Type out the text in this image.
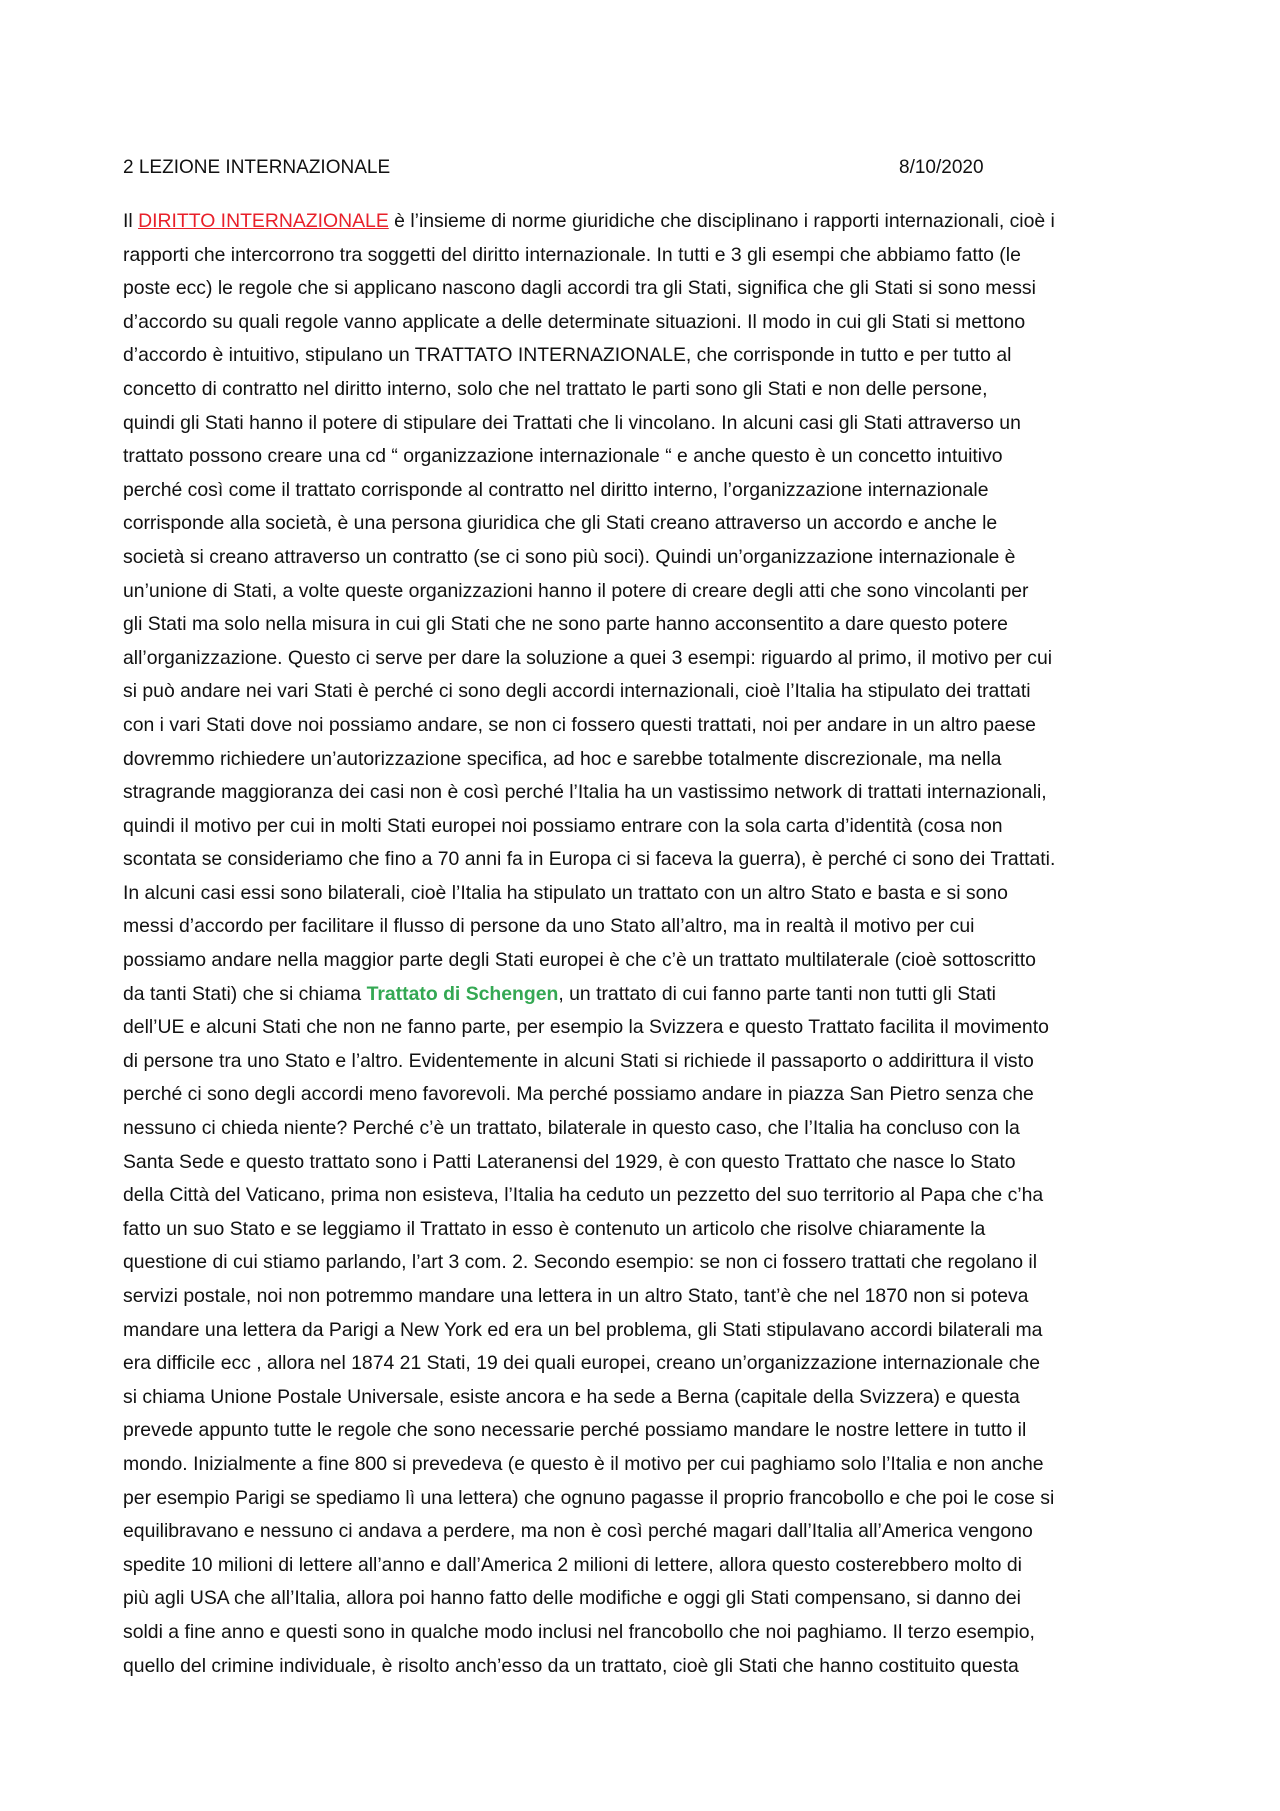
2 LEZIONE INTERNAZIONALE	8/10/2020
Il DIRITTO INTERNAZIONALE è l’insieme di norme giuridiche che disciplinano i rapporti internazionali, cioè i
rapporti che intercorrono tra soggetti del diritto internazionale. In tutti e 3 gli esempi che abbiamo fatto (le
poste ecc) le regole che si applicano nascono dagli accordi tra gli Stati, significa che gli Stati si sono messi
d’accordo su quali regole vanno applicate a delle determinate situazioni. Il modo in cui gli Stati si mettono
d’accordo è intuitivo, stipulano un TRATTATO INTERNAZIONALE, che corrisponde in tutto e per tutto al
concetto di contratto nel diritto interno, solo che nel trattato le parti sono gli Stati e non delle persone,
quindi gli Stati hanno il potere di stipulare dei Trattati che li vincolano. In alcuni casi gli Stati attraverso un
trattato possono creare una cd “ organizzazione internazionale “ e anche questo è un concetto intuitivo
perché così come il trattato corrisponde al contratto nel diritto interno, l’organizzazione internazionale
corrisponde alla società, è una persona giuridica che gli Stati creano attraverso un accordo e anche le
società si creano attraverso un contratto (se ci sono più soci). Quindi un’organizzazione internazionale è
un’unione di Stati, a volte queste organizzazioni hanno il potere di creare degli atti che sono vincolanti per
gli Stati ma solo nella misura in cui gli Stati che ne sono parte hanno acconsentito a dare questo potere
all’organizzazione. Questo ci serve per dare la soluzione a quei 3 esempi: riguardo al primo, il motivo per cui
si può andare nei vari Stati è perché ci sono degli accordi internazionali, cioè l’Italia ha stipulato dei trattati
con i vari Stati dove noi possiamo andare, se non ci fossero questi trattati, noi per andare in un altro paese
dovremmo richiedere un’autorizzazione specifica, ad hoc e sarebbe totalmente discrezionale, ma nella
stragrande maggioranza dei casi non è così perché l’Italia ha un vastissimo network di trattati internazionali,
quindi il motivo per cui in molti Stati europei noi possiamo entrare con la sola carta d’identità (cosa non
scontata se consideriamo che fino a 70 anni fa in Europa ci si faceva la guerra), è perché ci sono dei Trattati.
In alcuni casi essi sono bilaterali, cioè l’Italia ha stipulato un trattato con un altro Stato e basta e si sono
messi d’accordo per facilitare il flusso di persone da uno Stato all’altro, ma in realtà il motivo per cui
possiamo andare nella maggior parte degli Stati europei è che c’è un trattato multilaterale (cioè sottoscritto
da tanti Stati) che si chiama Trattato di Schengen, un trattato di cui fanno parte tanti non tutti gli Stati
dell’UE e alcuni Stati che non ne fanno parte, per esempio la Svizzera e questo Trattato facilita il movimento
di persone tra uno Stato e l’altro. Evidentemente in alcuni Stati si richiede il passaporto o addirittura il visto
perché ci sono degli accordi meno favorevoli. Ma perché possiamo andare in piazza San Pietro senza che
nessuno ci chieda niente? Perché c’è un trattato, bilaterale in questo caso, che l’Italia ha concluso con la
Santa Sede e questo trattato sono i Patti Lateranensi del 1929, è con questo Trattato che nasce lo Stato
della Città del Vaticano, prima non esisteva, l’Italia ha ceduto un pezzetto del suo territorio al Papa che c’ha
fatto un suo Stato e se leggiamo il Trattato in esso è contenuto un articolo che risolve chiaramente la
questione di cui stiamo parlando, l’art 3 com. 2. Secondo esempio: se non ci fossero trattati che regolano il
servizi postale, noi non potremmo mandare una lettera in un altro Stato, tant’è che nel 1870 non si poteva
mandare una lettera da Parigi a New York ed era un bel problema, gli Stati stipulavano accordi bilaterali ma
era difficile ecc , allora nel 1874 21 Stati, 19 dei quali europei, creano un’organizzazione internazionale che
si chiama Unione Postale Universale, esiste ancora e ha sede a Berna (capitale della Svizzera) e questa
prevede appunto tutte le regole che sono necessarie perché possiamo mandare le nostre lettere in tutto il
mondo. Inizialmente a fine 800 si prevedeva (e questo è il motivo per cui paghiamo solo l’Italia e non anche
per esempio Parigi se spediamo lì una lettera) che ognuno pagasse il proprio francobollo e che poi le cose si
equilibravano e nessuno ci andava a perdere, ma non è così perché magari dall’Italia all’America vengono
spedite 10 milioni di lettere all’anno e dall’America 2 milioni di lettere, allora questo costerebbero molto di
più agli USA che all’Italia, allora poi hanno fatto delle modifiche e oggi gli Stati compensano, si danno dei
soldi a fine anno e questi sono in qualche modo inclusi nel francobollo che noi paghiamo. Il terzo esempio,
quello del crimine individuale, è risolto anch’esso da un trattato, cioè gli Stati che hanno costituito questa
